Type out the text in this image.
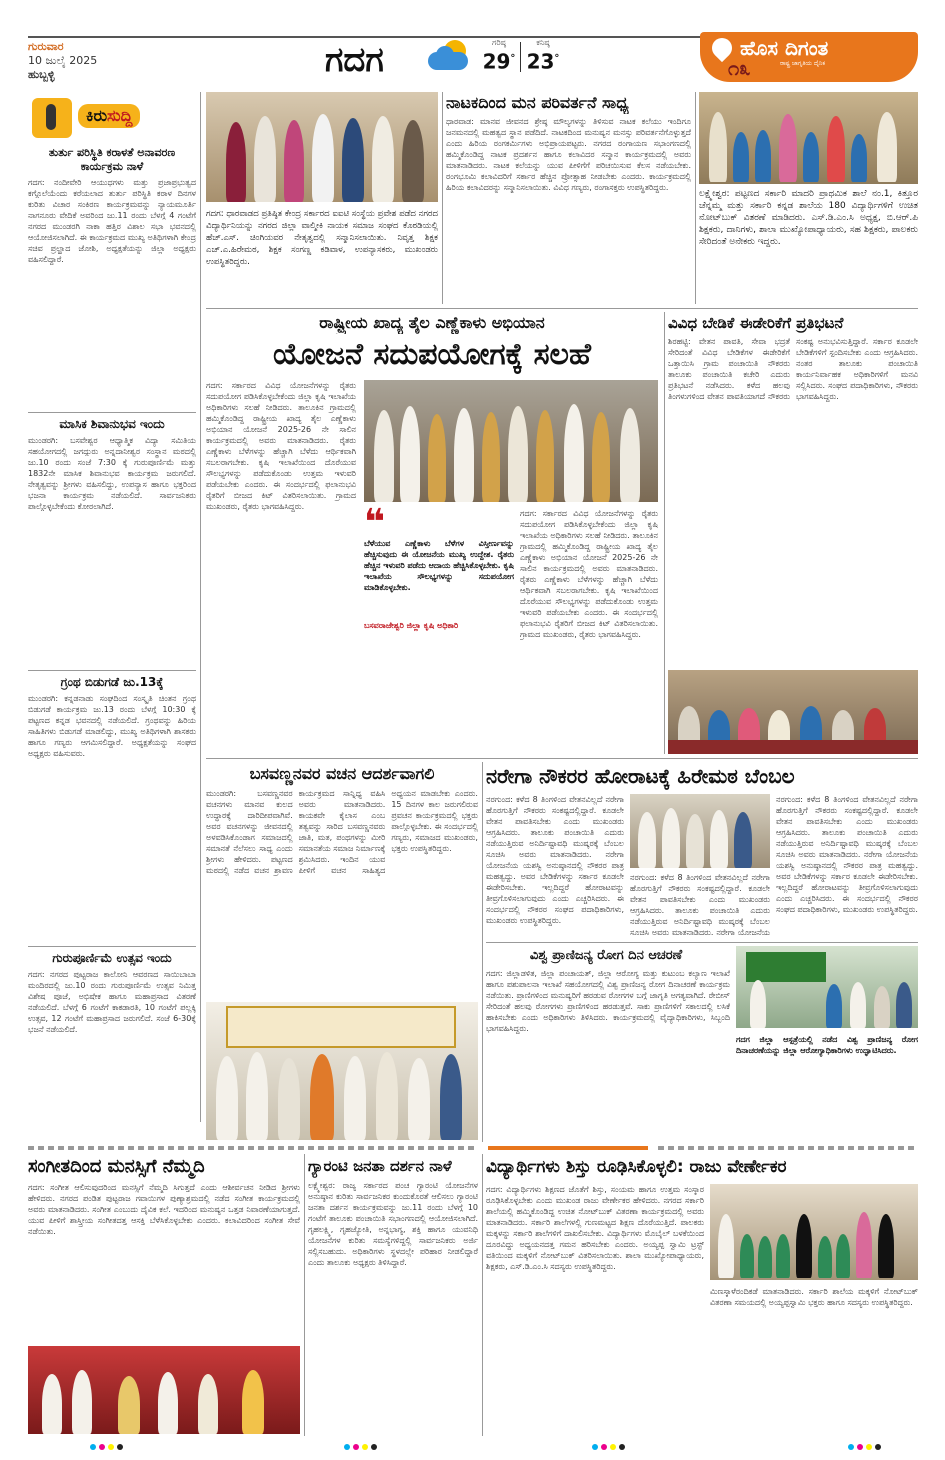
ಗುರುವಾರ
10 ಜುಲೈ 2025
ಹುಬ್ಬಳ್ಳಿ	ಗದಗ	ಗರಿಷ್ಠ
29°
ಕನಿಷ್ಠ
23°	ಹೊಸ ದಿಗಂತ
ರಾಷ್ಟ್ರ ಜಾಗೃತಿಯ ದೈನಿಕ
೧೩
ಕಿರುಸುದ್ದಿ
ತುರ್ತು ಪರಿಸ್ಥಿತಿ ಕರಾಳತೆ ಅನಾವರಣ ಕಾರ್ಯಕ್ರಮ ನಾಳೆ
ಗದಗ: ನಂದೀವೇರಿ ಆಯುಧಗಳು ಮತ್ತು ಪ್ರಜಾಪ್ರಭುತ್ವದ ಕಗ್ಗೊಲೆಯೆಂದು ಕರೆಯಲಾದ ತುರ್ತು ಪರಿಸ್ಥಿತಿ ಕರಾಳ ದಿನಗಳ ಕುರಿತು ವಿಚಾರ ಸಂಕಿರಣ ಕಾರ್ಯಕ್ರಮವನ್ನು ನ್ಯಾಯಮೂರ್ತಿ ನಾಗನೂರು ವೇದಿಕೆ ಅವರಿಂದ ಜು.11 ರಂದು ಬೆಳಗ್ಗೆ 4 ಗಂಟೆಗೆ ನಗರದ ಮುಂಡರಗಿ ನಾಕಾ ಹತ್ತಿರ ವಿಶಾಲ ಸಭಾ ಭವನದಲ್ಲಿ ಆಯೋಜಿಸಲಾಗಿದೆ. ಈ ಕಾರ್ಯಕ್ರಮದ ಮುಖ್ಯ ಅತಿಥಿಗಳಾಗಿ ಕೇಂದ್ರ ಸಚಿವ ಪ್ರಲ್ಹಾದ ಜೋಶಿ, ಅಧ್ಯಕ್ಷತೆಯನ್ನು ಜಿಲ್ಲಾ ಅಧ್ಯಕ್ಷರು ವಹಿಸಲಿದ್ದಾರೆ.
ಮಾಸಿಕ ಶಿವಾನುಭವ ಇಂದು
ಮುಂಡರಗಿ: ಬಸವೇಶ್ವರ ಆಧ್ಯಾತ್ಮಿಕ ವಿದ್ಯಾ ಸಮಿತಿಯ ಸಹಯೋಗದಲ್ಲಿ ಜಗದ್ಗುರು ಅನ್ನದಾನೀಶ್ವರ ಸಂಸ್ಥಾನ ಮಠದಲ್ಲಿ ಜು.10 ರಂದು ಸಂಜೆ 7:30 ಕ್ಕೆ ಗುರುಪೂರ್ಣಿಮೆ ಮತ್ತು 1832ನೇ ಮಾಸಿಕ ಶಿವಾನುಭವ ಕಾರ್ಯಕ್ರಮ ಜರುಗಲಿದೆ. ನೇತೃತ್ವವನ್ನು ಶ್ರೀಗಳು ವಹಿಸಲಿದ್ದು, ಉಪನ್ಯಾಸ ಹಾಗೂ ಭಕ್ತರಿಂದ ಭಜನಾ ಕಾರ್ಯಕ್ರಮ ನಡೆಯಲಿದೆ. ಸಾರ್ವಜನಿಕರು ಪಾಲ್ಗೊಳ್ಳಬೇಕೆಂದು ಕೋರಲಾಗಿದೆ.
ಗ್ರಂಥ ಬಿಡುಗಡೆ ಜು.13ಕ್ಕೆ
ಮುಂಡರಗಿ: ಕನ್ನಡನಾಡು ಸಂಘದಿಂದ ಸಂಸ್ಕೃತಿ ಚಿಂತನ ಗ್ರಂಥ ಬಿಡುಗಡೆ ಕಾರ್ಯಕ್ರಮ ಜು.13 ರಂದು ಬೆಳಗ್ಗೆ 10:30 ಕ್ಕೆ ಪಟ್ಟಣದ ಕನ್ನಡ ಭವನದಲ್ಲಿ ನಡೆಯಲಿದೆ. ಗ್ರಂಥವನ್ನು ಹಿರಿಯ ಸಾಹಿತಿಗಳು ಬಿಡುಗಡೆ ಮಾಡಲಿದ್ದು, ಮುಖ್ಯ ಅತಿಥಿಗಳಾಗಿ ಶಾಸಕರು ಹಾಗೂ ಗಣ್ಯರು ಆಗಮಿಸಲಿದ್ದಾರೆ. ಅಧ್ಯಕ್ಷತೆಯನ್ನು ಸಂಘದ ಅಧ್ಯಕ್ಷರು ವಹಿಸುವರು.
ಗುರುಪೂರ್ಣಿಮೆ ಉತ್ಸವ ಇಂದು
ಗದಗ: ನಗರದ ಪುಟ್ಟರಾಜ ಕಾಲೋನಿ ಆವರಣದ ಸಾಯಿಬಾಬಾ ಮಂದಿರದಲ್ಲಿ ಜು.10 ರಂದು ಗುರುಪೂರ್ಣಿಮೆ ಉತ್ಸವ ನಿಮಿತ್ತ ವಿಶೇಷ ಪೂಜೆ, ಅಭಿಷೇಕ ಹಾಗೂ ಮಹಾಪ್ರಸಾದ ವಿತರಣೆ ನಡೆಯಲಿದೆ. ಬೆಳಗ್ಗೆ 6 ಗಂಟೆಗೆ ಕಾಕಡಾರತಿ, 10 ಗಂಟೆಗೆ ಪಲ್ಲಕ್ಕಿ ಉತ್ಸವ, 12 ಗಂಟೆಗೆ ಮಹಾಪ್ರಸಾದ ಜರುಗಲಿದೆ. ಸಂಜೆ 6-30ಕ್ಕೆ ಭಜನೆ ನಡೆಯಲಿದೆ.
ಗದಗ: ಧಾರವಾಡದ ಪ್ರತಿಷ್ಠಿತ ಕೇಂದ್ರ ಸರ್ಕಾರದ ಐಐಟಿ ಸಂಸ್ಥೆಯ ಪ್ರವೇಶ ಪಡೆದ ನಗರದ ವಿದ್ಯಾರ್ಥಿನಿಯನ್ನು ನಗರದ ಜಿಲ್ಲಾ ವಾಲ್ಮೀಕಿ ನಾಯಕ ಸಮಾಜ ಸಂಘದ ಕೊಠಡಿಯಲ್ಲಿ ಹೆಚ್.ಎಸ್. ಚಿಂಗಿಯವರ ನೇತೃತ್ವದಲ್ಲಿ ಸನ್ಮಾನಿಸಲಾಯಿತು. ನಿವೃತ್ತ ಶಿಕ್ಷಕ ಎಚ್.ಎ.ಹಿರೇಮಠ, ಶಿಕ್ಷಕ ಸಂಗಣ್ಣ ಕಡಿವಾಳ, ಉಪನ್ಯಾಸಕರು, ಮುಖಂಡರು ಉಪಸ್ಥಿತರಿದ್ದರು.
ನಾಟಕದಿಂದ ಮನ ಪರಿವರ್ತನೆ ಸಾಧ್ಯ
ಧಾರವಾಡ: ಮಾನವ ಜೀವನದ ಶ್ರೇಷ್ಠ ಮೌಲ್ಯಗಳನ್ನು ತಿಳಿಸುವ ನಾಟಕ ಕಲೆಯು ಇಂದಿಗೂ ಜನಮನದಲ್ಲಿ ಮಹತ್ವದ ಸ್ಥಾನ ಪಡೆದಿದೆ. ನಾಟಕದಿಂದ ಮನುಷ್ಯನ ಮನಸ್ಸು ಪರಿವರ್ತನೆಗೊಳ್ಳುತ್ತದೆ ಎಂದು ಹಿರಿಯ ರಂಗಕರ್ಮಿಗಳು ಅಭಿಪ್ರಾಯಪಟ್ಟರು. ನಗರದ ರಂಗಾಯಣ ಸಭಾಂಗಣದಲ್ಲಿ ಹಮ್ಮಿಕೊಂಡಿದ್ದ ನಾಟಕ ಪ್ರದರ್ಶನ ಹಾಗೂ ಕಲಾವಿದರ ಸನ್ಮಾನ ಕಾರ್ಯಕ್ರಮದಲ್ಲಿ ಅವರು ಮಾತನಾಡಿದರು. ನಾಟಕ ಕಲೆಯನ್ನು ಯುವ ಪೀಳಿಗೆಗೆ ಪರಿಚಯಿಸುವ ಕೆಲಸ ನಡೆಯಬೇಕು. ರಂಗಭೂಮಿ ಕಲಾವಿದರಿಗೆ ಸರ್ಕಾರ ಹೆಚ್ಚಿನ ಪ್ರೋತ್ಸಾಹ ನೀಡಬೇಕು ಎಂದರು. ಕಾರ್ಯಕ್ರಮದಲ್ಲಿ ಹಿರಿಯ ಕಲಾವಿದರನ್ನು ಸನ್ಮಾನಿಸಲಾಯಿತು. ವಿವಿಧ ಗಣ್ಯರು, ರಂಗಾಸಕ್ತರು ಉಪಸ್ಥಿತರಿದ್ದರು.
ಲಕ್ಷ್ಮೇಶ್ವರ: ಪಟ್ಟಣದ ಸರ್ಕಾರಿ ಮಾದರಿ ಪ್ರಾಥಮಿಕ ಶಾಲೆ ನಂ.1, ಕಿತ್ತೂರ ಚೆನ್ನಮ್ಮ ಮತ್ತು ಸರ್ಕಾರಿ ಕನ್ನಡ ಶಾಲೆಯ 180 ವಿದ್ಯಾರ್ಥಿಗಳಿಗೆ ಉಚಿತ ನೋಟ್‌ಬುಕ್ ವಿತರಣೆ ಮಾಡಿದರು. ಎಸ್.ಡಿ.ಎಂ.ಸಿ ಅಧ್ಯಕ್ಷ, ಬಿ.ಆರ್.ಪಿ ಶಿಕ್ಷಕರು, ದಾನಿಗಳು, ಶಾಲಾ ಮುಖ್ಯೋಪಾಧ್ಯಾಯರು, ಸಹ ಶಿಕ್ಷಕರು, ಪಾಲಕರು ಸೇರಿದಂತೆ ಅನೇಕರು ಇದ್ದರು.
ರಾಷ್ಟ್ರೀಯ ಖಾದ್ಯ ತೈಲ ಎಣ್ಣೆಕಾಳು ಅಭಿಯಾನ
ಯೋಜನೆ ಸದುಪಯೋಗಕ್ಕೆ ಸಲಹೆ
ಗದಗ: ಸರ್ಕಾರದ ವಿವಿಧ ಯೋಜನೆಗಳನ್ನು ರೈತರು ಸದುಪಯೋಗ ಪಡಿಸಿಕೊಳ್ಳಬೇಕೆಂದು ಜಿಲ್ಲಾ ಕೃಷಿ ಇಲಾಖೆಯ ಅಧಿಕಾರಿಗಳು ಸಲಹೆ ನೀಡಿದರು. ತಾಲೂಕಿನ ಗ್ರಾಮದಲ್ಲಿ ಹಮ್ಮಿಕೊಂಡಿದ್ದ ರಾಷ್ಟ್ರೀಯ ಖಾದ್ಯ ತೈಲ ಎಣ್ಣೆಕಾಳು ಅಭಿಯಾನ ಯೋಜನೆ 2025-26 ನೇ ಸಾಲಿನ ಕಾರ್ಯಕ್ರಮದಲ್ಲಿ ಅವರು ಮಾತನಾಡಿದರು. ರೈತರು ಎಣ್ಣೆಕಾಳು ಬೆಳೆಗಳನ್ನು ಹೆಚ್ಚಾಗಿ ಬೆಳೆದು ಆರ್ಥಿಕವಾಗಿ ಸಬಲರಾಗಬೇಕು. ಕೃಷಿ ಇಲಾಖೆಯಿಂದ ದೊರೆಯುವ ಸೌಲಭ್ಯಗಳನ್ನು ಪಡೆದುಕೊಂಡು ಉತ್ತಮ ಇಳುವರಿ ಪಡೆಯಬೇಕು ಎಂದರು. ಈ ಸಂದರ್ಭದಲ್ಲಿ ಫಲಾನುಭವಿ ರೈತರಿಗೆ ಬೀಜದ ಕಿಟ್ ವಿತರಿಸಲಾಯಿತು. ಗ್ರಾಮದ ಮುಖಂಡರು, ರೈತರು ಭಾಗವಹಿಸಿದ್ದರು.	❝
ಬೆಳೆಯುವ ಎಣ್ಣೆಕಾಳು ಬೆಳೆಗಳ ವಿಸ್ತೀರ್ಣವನ್ನು ಹೆಚ್ಚಿಸುವುದು ಈ ಯೋಜನೆಯ ಮುಖ್ಯ ಉದ್ದೇಶ. ರೈತರು ಹೆಚ್ಚಿನ ಇಳುವರಿ ಪಡೆದು ಆದಾಯ ಹೆಚ್ಚಿಸಿಕೊಳ್ಳಬೇಕು. ಕೃಷಿ ಇಲಾಖೆಯ ಸೌಲಭ್ಯಗಳನ್ನು ಸದುಪಯೋಗ ಮಾಡಿಕೊಳ್ಳಬೇಕು.
ಬಸವರಾಜೇಶ್ವರಿ ಜಿಲ್ಲಾ ಕೃಷಿ ಅಧಿಕಾರಿ
ಗದಗ: ಸರ್ಕಾರದ ವಿವಿಧ ಯೋಜನೆಗಳನ್ನು ರೈತರು ಸದುಪಯೋಗ ಪಡಿಸಿಕೊಳ್ಳಬೇಕೆಂದು ಜಿಲ್ಲಾ ಕೃಷಿ ಇಲಾಖೆಯ ಅಧಿಕಾರಿಗಳು ಸಲಹೆ ನೀಡಿದರು. ತಾಲೂಕಿನ ಗ್ರಾಮದಲ್ಲಿ ಹಮ್ಮಿಕೊಂಡಿದ್ದ ರಾಷ್ಟ್ರೀಯ ಖಾದ್ಯ ತೈಲ ಎಣ್ಣೆಕಾಳು ಅಭಿಯಾನ ಯೋಜನೆ 2025-26 ನೇ ಸಾಲಿನ ಕಾರ್ಯಕ್ರಮದಲ್ಲಿ ಅವರು ಮಾತನಾಡಿದರು. ರೈತರು ಎಣ್ಣೆಕಾಳು ಬೆಳೆಗಳನ್ನು ಹೆಚ್ಚಾಗಿ ಬೆಳೆದು ಆರ್ಥಿಕವಾಗಿ ಸಬಲರಾಗಬೇಕು. ಕೃಷಿ ಇಲಾಖೆಯಿಂದ ದೊರೆಯುವ ಸೌಲಭ್ಯಗಳನ್ನು ಪಡೆದುಕೊಂಡು ಉತ್ತಮ ಇಳುವರಿ ಪಡೆಯಬೇಕು ಎಂದರು. ಈ ಸಂದರ್ಭದಲ್ಲಿ ಫಲಾನುಭವಿ ರೈತರಿಗೆ ಬೀಜದ ಕಿಟ್ ವಿತರಿಸಲಾಯಿತು. ಗ್ರಾಮದ ಮುಖಂಡರು, ರೈತರು ಭಾಗವಹಿಸಿದ್ದರು.
ವಿವಿಧ ಬೇಡಿಕೆ ಈಡೇರಿಕೆಗೆ ಪ್ರತಿಭಟನೆ
ಶಿರಹಟ್ಟಿ: ವೇತನ ಪಾವತಿ, ಸೇವಾ ಭದ್ರತೆ ಸೇರಿದಂತೆ ವಿವಿಧ ಬೇಡಿಕೆಗಳ ಈಡೇರಿಕೆಗೆ ಒತ್ತಾಯಿಸಿ ಗ್ರಾಮ ಪಂಚಾಯಿತಿ ನೌಕರರು ತಾಲೂಕು ಪಂಚಾಯಿತಿ ಕಚೇರಿ ಎದುರು ಪ್ರತಿಭಟನೆ ನಡೆಸಿದರು. ಕಳೆದ ಹಲವು ತಿಂಗಳುಗಳಿಂದ ವೇತನ ಪಾವತಿಯಾಗದೆ ನೌಕರರು ಸಂಕಷ್ಟ ಅನುಭವಿಸುತ್ತಿದ್ದಾರೆ. ಸರ್ಕಾರ ಕೂಡಲೇ ಬೇಡಿಕೆಗಳಿಗೆ ಸ್ಪಂದಿಸಬೇಕು ಎಂದು ಆಗ್ರಹಿಸಿದರು. ನಂತರ ತಾಲೂಕು ಪಂಚಾಯಿತಿ ಕಾರ್ಯನಿರ್ವಾಹಕ ಅಧಿಕಾರಿಗಳಿಗೆ ಮನವಿ ಸಲ್ಲಿಸಿದರು. ಸಂಘದ ಪದಾಧಿಕಾರಿಗಳು, ನೌಕರರು ಭಾಗವಹಿಸಿದ್ದರು.
ಬಸವಣ್ಣನವರ ವಚನ ಆದರ್ಶವಾಗಲಿ
ಮುಂಡರಗಿ: ಬಸವಣ್ಣನವರ ವಚನಗಳು ಮಾನವ ಕುಲದ ಉದ್ಧಾರಕ್ಕೆ ದಾರಿದೀಪವಾಗಿವೆ. ಅವರ ವಚನಗಳನ್ನು ಜೀವನದಲ್ಲಿ ಅಳವಡಿಸಿಕೊಂಡಾಗ ಸಮಾಜದಲ್ಲಿ ಸಮಾನತೆ ನೆಲೆಸಲು ಸಾಧ್ಯ ಎಂದು ಶ್ರೀಗಳು ಹೇಳಿದರು. ಪಟ್ಟಣದ ಮಠದಲ್ಲಿ ನಡೆದ ವಚನ ಶ್ರಾವಣ ಕಾರ್ಯಕ್ರಮದ ಸಾನ್ನಿಧ್ಯ ವಹಿಸಿ ಅವರು ಮಾತನಾಡಿದರು. ಕಾಯಕವೇ ಕೈಲಾಸ ಎಂಬ ತತ್ವವನ್ನು ಸಾರಿದ ಬಸವಣ್ಣನವರು ಜಾತಿ, ಮತ, ಪಂಥಗಳನ್ನು ಮೀರಿ ಸಮಾನತೆಯ ಸಮಾಜ ನಿರ್ಮಾಣಕ್ಕೆ ಶ್ರಮಿಸಿದರು. ಇಂದಿನ ಯುವ ಪೀಳಿಗೆ ವಚನ ಸಾಹಿತ್ಯದ ಅಧ್ಯಯನ ಮಾಡಬೇಕು ಎಂದರು. 15 ದಿನಗಳ ಕಾಲ ಜರುಗಲಿರುವ ಪ್ರವಚನ ಕಾರ್ಯಕ್ರಮದಲ್ಲಿ ಭಕ್ತರು ಪಾಲ್ಗೊಳ್ಳಬೇಕು. ಈ ಸಂದರ್ಭದಲ್ಲಿ ಗಣ್ಯರು, ಸಮಾಜದ ಮುಖಂಡರು, ಭಕ್ತರು ಉಪಸ್ಥಿತರಿದ್ದರು.
ನರೇಗಾ ನೌಕರರ ಹೋರಾಟಕ್ಕೆ ಹಿರೇಮಠ ಬೆಂಬಲ
ನರಗುಂದ: ಕಳೆದ 8 ತಿಂಗಳಿಂದ ವೇತನವಿಲ್ಲದೆ ನರೇಗಾ ಹೊರಗುತ್ತಿಗೆ ನೌಕರರು ಸಂಕಷ್ಟದಲ್ಲಿದ್ದಾರೆ. ಕೂಡಲೇ ವೇತನ ಪಾವತಿಸಬೇಕು ಎಂದು ಮುಖಂಡರು ಆಗ್ರಹಿಸಿದರು. ತಾಲೂಕು ಪಂಚಾಯಿತಿ ಎದುರು ನಡೆಯುತ್ತಿರುವ ಅನಿರ್ದಿಷ್ಟಾವಧಿ ಮುಷ್ಕರಕ್ಕೆ ಬೆಂಬಲ ಸೂಚಿಸಿ ಅವರು ಮಾತನಾಡಿದರು. ನರೇಗಾ ಯೋಜನೆಯ ಯಶಸ್ವಿ ಅನುಷ್ಠಾನದಲ್ಲಿ ನೌಕರರ ಪಾತ್ರ ಮಹತ್ವದ್ದು. ಅವರ ಬೇಡಿಕೆಗಳನ್ನು ಸರ್ಕಾರ ಕೂಡಲೇ ಈಡೇರಿಸಬೇಕು. ಇಲ್ಲದಿದ್ದರೆ ಹೋರಾಟವನ್ನು ತೀವ್ರಗೊಳಿಸಲಾಗುವುದು ಎಂದು ಎಚ್ಚರಿಸಿದರು. ಈ ಸಂದರ್ಭದಲ್ಲಿ ನೌಕರರ ಸಂಘದ ಪದಾಧಿಕಾರಿಗಳು, ಮುಖಂಡರು ಉಪಸ್ಥಿತರಿದ್ದರು.
ನರಗುಂದ: ಕಳೆದ 8 ತಿಂಗಳಿಂದ ವೇತನವಿಲ್ಲದೆ ನರೇಗಾ ಹೊರಗುತ್ತಿಗೆ ನೌಕರರು ಸಂಕಷ್ಟದಲ್ಲಿದ್ದಾರೆ. ಕೂಡಲೇ ವೇತನ ಪಾವತಿಸಬೇಕು ಎಂದು ಮುಖಂಡರು ಆಗ್ರಹಿಸಿದರು. ತಾಲೂಕು ಪಂಚಾಯಿತಿ ಎದುರು ನಡೆಯುತ್ತಿರುವ ಅನಿರ್ದಿಷ್ಟಾವಧಿ ಮುಷ್ಕರಕ್ಕೆ ಬೆಂಬಲ ಸೂಚಿಸಿ ಅವರು ಮಾತನಾಡಿದರು. ನರೇಗಾ ಯೋಜನೆಯ
ನರಗುಂದ: ಕಳೆದ 8 ತಿಂಗಳಿಂದ ವೇತನವಿಲ್ಲದೆ ನರೇಗಾ ಹೊರಗುತ್ತಿಗೆ ನೌಕರರು ಸಂಕಷ್ಟದಲ್ಲಿದ್ದಾರೆ. ಕೂಡಲೇ ವೇತನ ಪಾವತಿಸಬೇಕು ಎಂದು ಮುಖಂಡರು ಆಗ್ರಹಿಸಿದರು. ತಾಲೂಕು ಪಂಚಾಯಿತಿ ಎದುರು ನಡೆಯುತ್ತಿರುವ ಅನಿರ್ದಿಷ್ಟಾವಧಿ ಮುಷ್ಕರಕ್ಕೆ ಬೆಂಬಲ ಸೂಚಿಸಿ ಅವರು ಮಾತನಾಡಿದರು. ನರೇಗಾ ಯೋಜನೆಯ ಯಶಸ್ವಿ ಅನುಷ್ಠಾನದಲ್ಲಿ ನೌಕರರ ಪಾತ್ರ ಮಹತ್ವದ್ದು. ಅವರ ಬೇಡಿಕೆಗಳನ್ನು ಸರ್ಕಾರ ಕೂಡಲೇ ಈಡೇರಿಸಬೇಕು. ಇಲ್ಲದಿದ್ದರೆ ಹೋರಾಟವನ್ನು ತೀವ್ರಗೊಳಿಸಲಾಗುವುದು ಎಂದು ಎಚ್ಚರಿಸಿದರು. ಈ ಸಂದರ್ಭದಲ್ಲಿ ನೌಕರರ ಸಂಘದ ಪದಾಧಿಕಾರಿಗಳು, ಮುಖಂಡರು ಉಪಸ್ಥಿತರಿದ್ದರು.
ವಿಶ್ವ ಪ್ರಾಣಿಜನ್ಯ ರೋಗ ದಿನ ಆಚರಣೆ
ಗದಗ: ಜಿಲ್ಲಾಡಳಿತ, ಜಿಲ್ಲಾ ಪಂಚಾಯತ್, ಜಿಲ್ಲಾ ಆರೋಗ್ಯ ಮತ್ತು ಕುಟುಂಬ ಕಲ್ಯಾಣ ಇಲಾಖೆ ಹಾಗೂ ಪಶುಪಾಲನಾ ಇಲಾಖೆ ಸಹಯೋಗದಲ್ಲಿ ವಿಶ್ವ ಪ್ರಾಣಿಜನ್ಯ ರೋಗ ದಿನಾಚರಣೆ ಕಾರ್ಯಕ್ರಮ ನಡೆಯಿತು. ಪ್ರಾಣಿಗಳಿಂದ ಮನುಷ್ಯರಿಗೆ ಹರಡುವ ರೋಗಗಳ ಬಗ್ಗೆ ಜಾಗೃತಿ ಅಗತ್ಯವಾಗಿದೆ. ರೇಬೀಸ್ ಸೇರಿದಂತೆ ಹಲವು ರೋಗಗಳು ಪ್ರಾಣಿಗಳಿಂದ ಹರಡುತ್ತವೆ. ಸಾಕು ಪ್ರಾಣಿಗಳಿಗೆ ಸಕಾಲದಲ್ಲಿ ಲಸಿಕೆ ಹಾಕಿಸಬೇಕು ಎಂದು ಅಧಿಕಾರಿಗಳು ತಿಳಿಸಿದರು. ಕಾರ್ಯಕ್ರಮದಲ್ಲಿ ವೈದ್ಯಾಧಿಕಾರಿಗಳು, ಸಿಬ್ಬಂದಿ ಭಾಗವಹಿಸಿದ್ದರು.
ಗದಗ ಜಿಲ್ಲಾ ಆಸ್ಪತ್ರೆಯಲ್ಲಿ ನಡೆದ ವಿಶ್ವ ಪ್ರಾಣಿಜನ್ಯ ರೋಗ ದಿನಾಚರಣೆಯನ್ನು ಜಿಲ್ಲಾ ಆರೋಗ್ಯಾಧಿಕಾರಿಗಳು ಉದ್ಘಾಟಿಸಿದರು.
ಸಂಗೀತದಿಂದ ಮನಸ್ಸಿಗೆ ನೆಮ್ಮದಿ
ಗದಗ: ಸಂಗೀತ ಆಲಿಸುವುದರಿಂದ ಮನಸ್ಸಿಗೆ ನೆಮ್ಮದಿ ಸಿಗುತ್ತದೆ ಎಂದು ಆಶೀರ್ವಚನ ನೀಡಿದ ಶ್ರೀಗಳು ಹೇಳಿದರು. ನಗರದ ಪಂಡಿತ ಪುಟ್ಟರಾಜ ಗವಾಯಿಗಳ ಪುಣ್ಯಾಶ್ರಮದಲ್ಲಿ ನಡೆದ ಸಂಗೀತ ಕಾರ್ಯಕ್ರಮದಲ್ಲಿ ಅವರು ಮಾತನಾಡಿದರು. ಸಂಗೀತ ಎಂಬುದು ದೈವಿಕ ಕಲೆ. ಇದರಿಂದ ಮನುಷ್ಯನ ಒತ್ತಡ ನಿವಾರಣೆಯಾಗುತ್ತದೆ. ಯುವ ಪೀಳಿಗೆ ಶಾಸ್ತ್ರೀಯ ಸಂಗೀತದತ್ತ ಆಸಕ್ತಿ ಬೆಳೆಸಿಕೊಳ್ಳಬೇಕು ಎಂದರು. ಕಲಾವಿದರಿಂದ ಸಂಗೀತ ಸೇವೆ ನಡೆಯಿತು.
ಗ್ಯಾರಂಟಿ ಜನತಾ ದರ್ಶನ ನಾಳೆ
ಲಕ್ಷ್ಮೇಶ್ವರ: ರಾಜ್ಯ ಸರ್ಕಾರದ ಪಂಚ ಗ್ಯಾರಂಟಿ ಯೋಜನೆಗಳ ಅನುಷ್ಠಾನ ಕುರಿತು ಸಾರ್ವಜನಿಕರ ಕುಂದುಕೊರತೆ ಆಲಿಸಲು ಗ್ಯಾರಂಟಿ ಜನತಾ ದರ್ಶನ ಕಾರ್ಯಕ್ರಮವನ್ನು ಜು.11 ರಂದು ಬೆಳಗ್ಗೆ 10 ಗಂಟೆಗೆ ತಾಲೂಕು ಪಂಚಾಯಿತಿ ಸಭಾಂಗಣದಲ್ಲಿ ಆಯೋಜಿಸಲಾಗಿದೆ. ಗೃಹಲಕ್ಷ್ಮಿ, ಗೃಹಜ್ಯೋತಿ, ಅನ್ನಭಾಗ್ಯ, ಶಕ್ತಿ ಹಾಗೂ ಯುವನಿಧಿ ಯೋಜನೆಗಳ ಕುರಿತು ಸಮಸ್ಯೆಗಳಿದ್ದಲ್ಲಿ ಸಾರ್ವಜನಿಕರು ಅರ್ಜಿ ಸಲ್ಲಿಸಬಹುದು. ಅಧಿಕಾರಿಗಳು ಸ್ಥಳದಲ್ಲೇ ಪರಿಹಾರ ನೀಡಲಿದ್ದಾರೆ ಎಂದು ತಾಲೂಕು ಅಧ್ಯಕ್ಷರು ತಿಳಿಸಿದ್ದಾರೆ.
ವಿದ್ಯಾರ್ಥಿಗಳು ಶಿಸ್ತು ರೂಢಿಸಿಕೊಳ್ಳಲಿ: ರಾಜು ವೇರ್ಣೇಕರ
ಗದಗ: ವಿದ್ಯಾರ್ಥಿಗಳು ಶಿಕ್ಷಣದ ಜೊತೆಗೆ ಶಿಸ್ತು, ಸಂಯಮ ಹಾಗೂ ಉತ್ತಮ ಸಂಸ್ಕಾರ ರೂಢಿಸಿಕೊಳ್ಳಬೇಕು ಎಂದು ಮುಖಂಡ ರಾಜು ವೇರ್ಣೇಕರ ಹೇಳಿದರು. ನಗರದ ಸರ್ಕಾರಿ ಶಾಲೆಯಲ್ಲಿ ಹಮ್ಮಿಕೊಂಡಿದ್ದ ಉಚಿತ ನೋಟ್‌ಬುಕ್ ವಿತರಣಾ ಕಾರ್ಯಕ್ರಮದಲ್ಲಿ ಅವರು ಮಾತನಾಡಿದರು. ಸರ್ಕಾರಿ ಶಾಲೆಗಳಲ್ಲಿ ಗುಣಮಟ್ಟದ ಶಿಕ್ಷಣ ದೊರೆಯುತ್ತಿದೆ. ಪಾಲಕರು ಮಕ್ಕಳನ್ನು ಸರ್ಕಾರಿ ಶಾಲೆಗಳಿಗೆ ದಾಖಲಿಸಬೇಕು. ವಿದ್ಯಾರ್ಥಿಗಳು ಮೊಬೈಲ್ ಬಳಕೆಯಿಂದ ದೂರವಿದ್ದು ಅಧ್ಯಯನದತ್ತ ಗಮನ ಹರಿಸಬೇಕು ಎಂದರು. ಅಯ್ಯಪ್ಪ ಸ್ವಾಮಿ ಟ್ರಸ್ಟ್ ವತಿಯಿಂದ ಮಕ್ಕಳಿಗೆ ನೋಟ್‌ಬುಕ್ ವಿತರಿಸಲಾಯಿತು. ಶಾಲಾ ಮುಖ್ಯೋಪಾಧ್ಯಾಯರು, ಶಿಕ್ಷಕರು, ಎಸ್.ಡಿ.ಎಂ.ಸಿ ಸದಸ್ಯರು ಉಪಸ್ಥಿತರಿದ್ದರು.
ಮಿಣಸ್ಕಾಳೆರಂದಿಕಡೆ ಮಾತನಾಡಿದರು. ಸರ್ಕಾರಿ ಶಾಲೆಯ ಮಕ್ಕಳಿಗೆ ನೋಟ್‌ಬುಕ್ ವಿತರಣಾ ಸಮಯದಲ್ಲಿ ಅಯ್ಯಪ್ಪಸ್ವಾಮಿ ಭಕ್ತರು ಹಾಗೂ ಸದಸ್ಯರು ಉಪಸ್ಥಿತರಿದ್ದರು.
